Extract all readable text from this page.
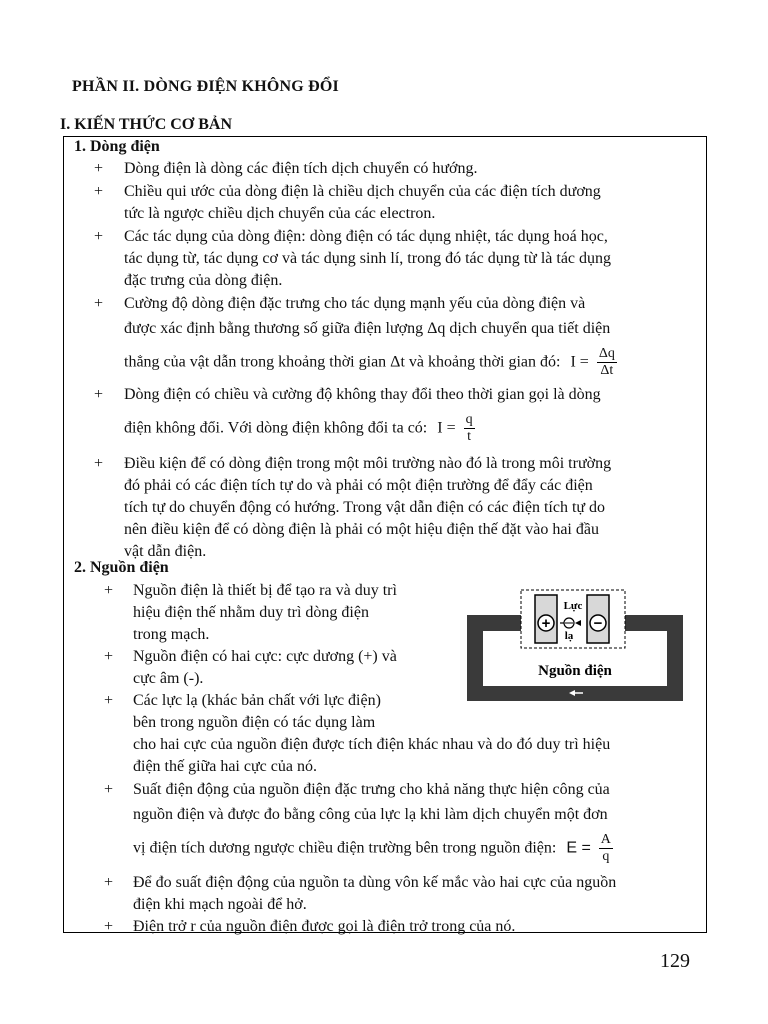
PHẦN II. DÒNG ĐIỆN KHÔNG ĐỔI
I. KIẾN THỨC CƠ BẢN
1. Dòng điện
+ Dòng điện là dòng các điện tích dịch chuyển có hướng.
+ Chiều qui ước của dòng điện là chiều dịch chuyển của các điện tích dương
tức là ngược chiều dịch chuyển của các electron.
+ Các tác dụng của dòng điện: dòng điện có tác dụng nhiệt, tác dụng hoá học,
tác dụng từ, tác dụng cơ và tác dụng sinh lí, trong đó tác dụng từ là tác dụng
đặc trưng của dòng điện.
+ Cường độ dòng điện đặc trưng cho tác dụng mạnh yếu của dòng điện và
được xác định bằng thương số giữa điện lượng Δq dịch chuyển qua tiết diện
thẳng của vật dẫn trong khoảng thời gian Δt và khoảng thời gian đó: $I = \frac{\Delta q}{\Delta t}$
+ Dòng điện có chiều và cường độ không thay đổi theo thời gian gọi là dòng
điện không đổi. Với dòng điện không đổi ta có: $I = \frac{q}{t}$
+ Điều kiện để có dòng điện trong một môi trường nào đó là trong môi trường
đó phải có các điện tích tự do và phải có một điện trường để đẩy các điện
tích tự do chuyển động có hướng. Trong vật dẫn điện có các điện tích tự do
nên điều kiện để có dòng điện là phải có một hiệu điện thế đặt vào hai đầu
vật dẫn điện.
2. Nguồn điện
+ Nguồn điện là thiết bị để tạo ra và duy trì
hiệu điện thế nhằm duy trì dòng điện
trong mạch.
+ Nguồn điện có hai cực: cực dương (+) và
cực âm (-).
+ Các lực lạ (khác bản chất với lực điện)
bên trong nguồn điện có tác dụng làm
cho hai cực của nguồn điện được tích điện khác nhau và do đó duy trì hiệu
điện thế giữa hai cực của nó.
+ Suất điện động của nguồn điện đặc trưng cho khả năng thực hiện công của
nguồn điện và được đo bằng công của lực lạ khi làm dịch chuyển một đơn
vị điện tích dương ngược chiều điện trường bên trong nguồn điện: $E = \frac{A}{q}$
+ Để đo suất điện động của nguồn ta dùng vôn kế mắc vào hai cực của nguồn
điện khi mạch ngoài để hở.
+ Điện trở r của nguồn điện được gọi là điện trở trong của nó.
+	−
Lực
lạ
Nguồn điện
129
